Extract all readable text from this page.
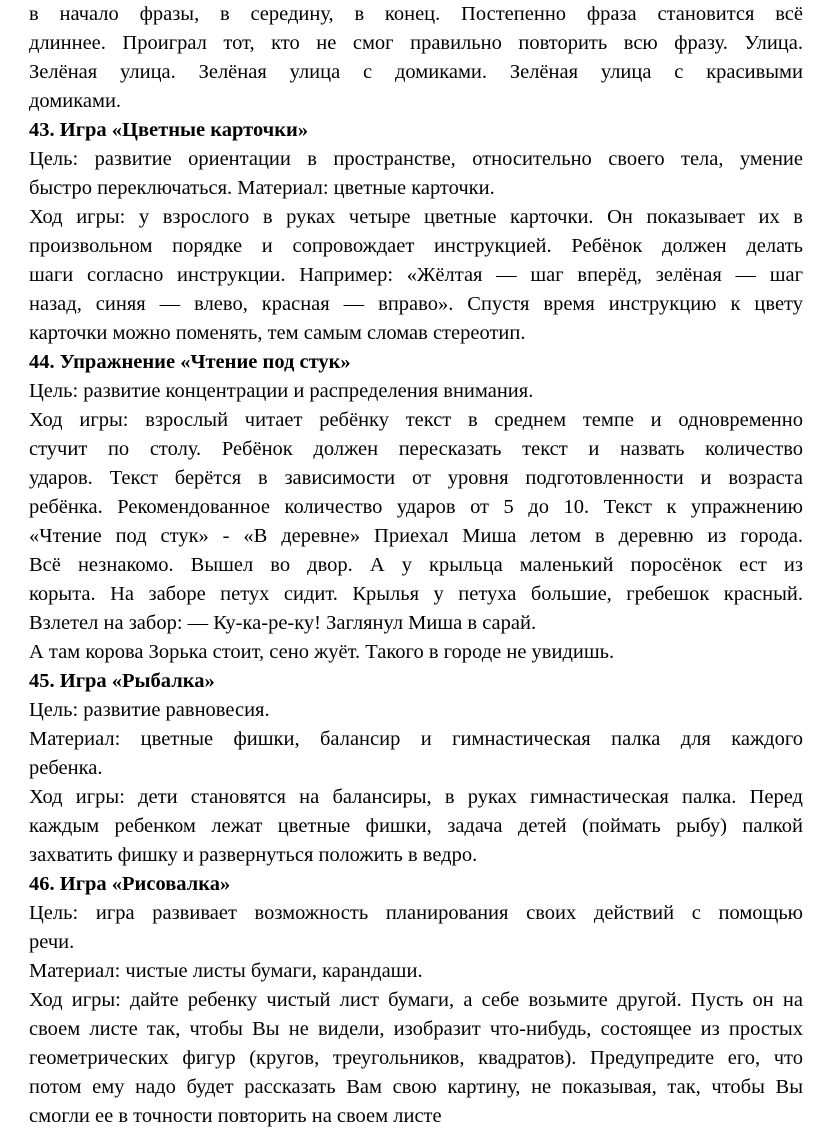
в начало фразы, в середину, в конец. Постепенно фраза становится всё
длиннее. Проиграл тот, кто не смог правильно повторить всю фразу. Улица.
Зелёная улица. Зелёная улица с домиками. Зелёная улица с красивыми
домиками.
43. Игра «Цветные карточки»
Цель: развитие ориентации в пространстве, относительно своего тела, умение
быстро переключаться. Материал: цветные карточки.
Ход игры: у взрослого в руках четыре цветные карточки. Он показывает их в
произвольном порядке и сопровождает инструкцией. Ребёнок должен делать
шаги согласно инструкции. Например: «Жёлтая — шаг вперёд, зелёная — шаг
назад, синяя — влево, красная — вправо». Спустя время инструкцию к цвету
карточки можно поменять, тем самым сломав стереотип.
44. Упражнение «Чтение под стук»
Цель: развитие концентрации и распределения внимания.
Ход игры: взрослый читает ребёнку текст в среднем темпе и одновременно
стучит по столу. Ребёнок должен пересказать текст и назвать количество
ударов. Текст берётся в зависимости от уровня подготовленности и возраста
ребёнка. Рекомендованное количество ударов от 5 до 10. Текст к упражнению
«Чтение под стук» - «В деревне» Приехал Миша летом в деревню из города.
Всё незнакомо. Вышел во двор. А у крыльца маленький поросёнок ест из
корыта. На заборе петух сидит. Крылья у петуха большие, гребешок красный.
Взлетел на забор: — Ку-ка-ре-ку! Заглянул Миша в сарай.
А там корова Зорька стоит, сено жуёт. Такого в городе не увидишь.
45. Игра «Рыбалка»
Цель: развитие равновесия.
Материал: цветные фишки, балансир и гимнастическая палка для каждого
ребенка.
Ход игры: дети становятся на балансиры, в руках гимнастическая палка. Перед
каждым ребенком лежат цветные фишки, задача детей (поймать рыбу) палкой
захватить фишку и развернуться положить в ведро.
46. Игра «Рисовалка»
Цель: игра развивает возможность планирования своих действий с помощью
речи.
Материал: чистые листы бумаги, карандаши.
Ход игры: дайте ребенку чистый лист бумаги, а себе возьмите другой. Пусть он на
своем листе так, чтобы Вы не видели, изобразит что-нибудь, состоящее из простых
геометрических фигур (кругов, треугольников, квадратов). Предупредите его, что
потом ему надо будет рассказать Вам свою картину, не показывая, так, чтобы Вы
смогли ее в точности повторить на своем листе
